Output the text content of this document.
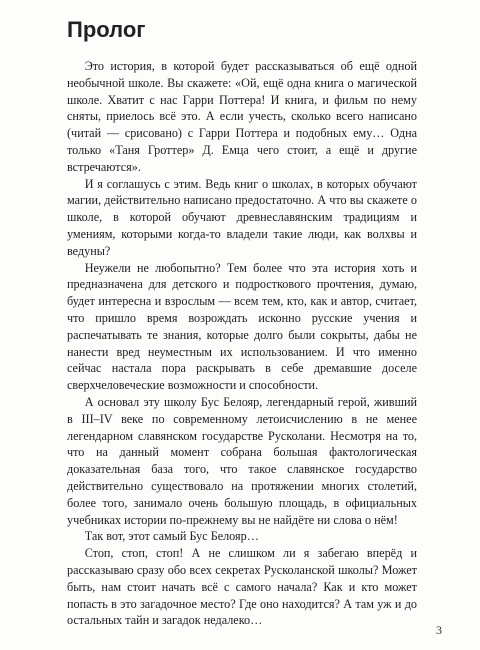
Пролог

Это история, в которой будет рассказываться об ещё одной необычной школе. Вы скажете: «Ой, ещё одна книга о магической школе. Хватит с нас Гарри Поттера! И книга, и фильм по нему сняты, приелось всё это. А если учесть, сколько всего написано (читай — срисовано) с Гарри Поттера и подобных ему… Одна только «Таня Гроттер» Д. Емца чего стоит, а ещё и другие встречаются».

И я соглашусь с этим. Ведь книг о школах, в которых обучают магии, действительно написано предостаточно. А что вы скажете о школе, в которой обучают древнеславянским традициям и умениям, которыми когда-то владели такие люди, как волхвы и ведуны?

Неужели не любопытно? Тем более что эта история хоть и предназначена для детского и подросткового прочтения, думаю, будет интересна и взрослым — всем тем, кто, как и автор, считает, что пришло время возрождать исконно русские учения и распечатывать те знания, которые долго были сокрыты, дабы не нанести вред неуместным их использованием. И что именно сейчас настала пора раскрывать в себе дремавшие доселе сверхчеловеческие возможности и способности.

А основал эту школу Бус Белояр, легендарный герой, живший в III–IV веке по современному летоисчислению в не менее легендарном славянском государстве Русколани. Несмотря на то, что на данный момент собрана большая фактологическая доказательная база того, что такое славянское государство действительно существовало на протяжении многих столетий, более того, занимало очень большую площадь, в официальных учебниках истории по-прежнему вы не найдёте ни слова о нём!

Так вот, этот самый Бус Белояр…

Стоп, стоп, стоп! А не слишком ли я забегаю вперёд и рассказываю сразу обо всех секретах Русколанской школы? Может быть, нам стоит начать всё с самого начала? Как и кто может попасть в это загадочное место? Где оно находится? А там уж и до остальных тайн и загадок недалеко…

3
